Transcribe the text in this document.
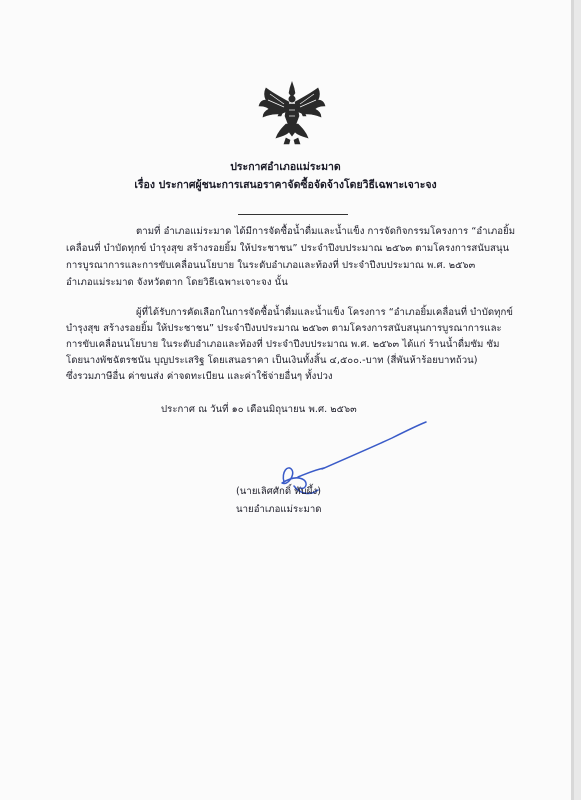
ประกาศอำเภอแม่ระมาด
เรื่อง ประกาศผู้ชนะการเสนอราคาจัดซื้อจัดจ้างโดยวิธีเฉพาะเจาะจง
ตามที่ อำเภอแม่ระมาด ได้มีการจัดซื้อน้ำดื่มและน้ำแข็ง การจัดกิจกรรมโครงการ “อำเภอยิ้ม
เคลื่อนที่ บำบัดทุกข์ บำรุงสุข สร้างรอยยิ้ม ให้ประชาชน” ประจำปีงบประมาณ ๒๕๖๓ ตามโครงการสนับสนุน
การบูรณาการและการขับเคลื่อนนโยบาย ในระดับอำเภอและท้องที่ ประจำปีงบประมาณ พ.ศ. ๒๕๖๓
อำเภอแม่ระมาด จังหวัดตาก โดยวิธีเฉพาะเจาะจง นั้น
ผู้ที่ได้รับการคัดเลือกในการจัดซื้อน้ำดื่มและน้ำแข็ง โครงการ “อำเภอยิ้มเคลื่อนที่ บำบัดทุกข์
บำรุงสุข สร้างรอยยิ้ม ให้ประชาชน” ประจำปีงบประมาณ ๒๕๖๓ ตามโครงการสนับสนุนการบูรณาการและ
การขับเคลื่อนนโยบาย ในระดับอำเภอและท้องที่ ประจำปีงบประมาณ พ.ศ. ๒๕๖๓ ได้แก่ ร้านน้ำดื่มซัม ซัม
โดยนางพัชฉัตรชนัน บุญประเสริฐ โดยเสนอราคา เป็นเงินทั้งสิ้น ๔,๕๐๐.-บาท (สี่พันห้าร้อยบาทถ้วน)
ซึ่งรวมภาษีอื่น ค่าขนส่ง ค่าจดทะเบียน และค่าใช้จ่ายอื่นๆ ทั้งปวง
ประกาศ ณ วันที่ ๑๐ เดือนมิถุนายน พ.ศ. ๒๕๖๓
(นายเลิศศักดิ์ ทับผึ้ง)
นายอำเภอแม่ระมาด
